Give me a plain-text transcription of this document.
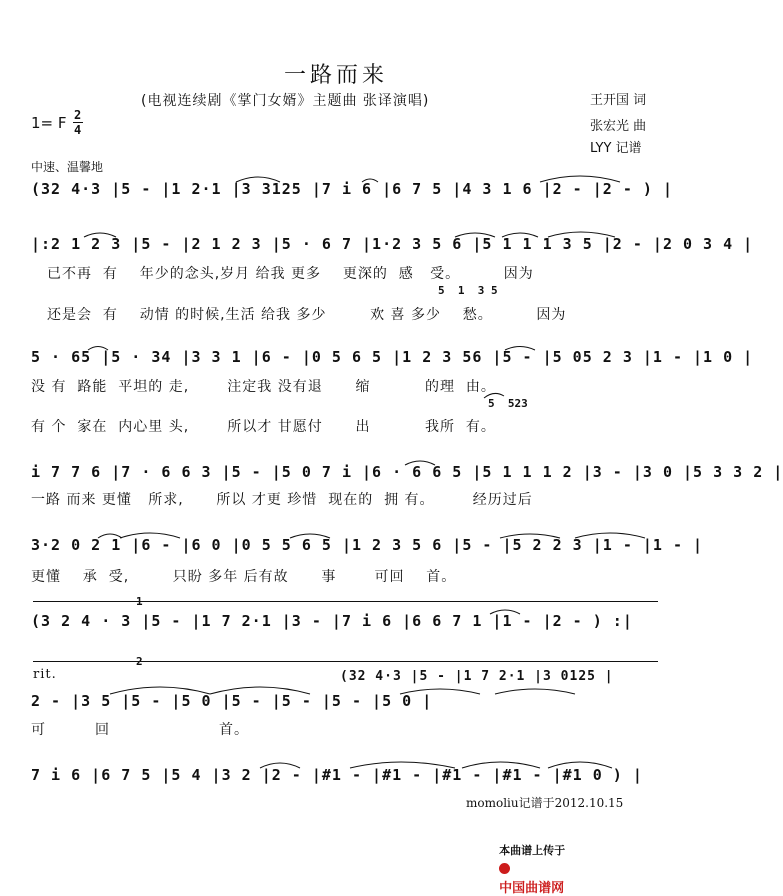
一路而来
(电视连续剧《掌门女婿》主题曲 张译演唱)	王开国 词
张宏光 曲
LYY 记谱
1= F 2
4
中速、温馨地
(32 4·3 |5 - |1 2·1 |3 3125 |7 i 6 |6 7 5 |4 3 1 6 |2 - |2 - ) |
|:2 1 2 3 |5 - |2 1 2 3 |5 · 6 7 |1·2 3 5 6 |5 1 1 1 3 5 |2 - |2 0 3 4 |
已不再  有    年少的念头,岁月 给我 更多    更深的  感   受。        因为
5  1  3 5
还是会  有    动情 的时候,生活 给我 多少        欢 喜 多少    愁。        因为
5 · 65 |5 · 34 |3 3 1 |6 - |0 5 6 5 |1 2 3 56 |5 - |5 05 2 3 |1 - |1 0 |
没 有  路能  平坦的 走,       注定我 没有退      缩          的理  由。
5  523
有 个  家在  内心里 头,       所以才 甘愿付      出          我所  有。
i 7 7 6 |7 · 6 6 3 |5 - |5 0 7 i |6 · 6 6 5 |5 1 1 1 2 |3 - |3 0 |5 3 3 2 |
一路 而来 更懂   所求,      所以 才更 珍惜  现在的  拥 有。       经历过后
3·2 0 2 1 |6 - |6 0 |0 5 5 6 5 |1 2 3 5 6 |5 - |5 2 2 3 |1 - |1 - |
更懂    承  受,        只盼 多年 后有故      事       可回    首。
1
(3 2 4 · 3 |5 - |1 7 2·1 |3 - |7 i 6 |6 6 7 1 |1 - |2 - ) :|
2
rit.	(32 4·3 |5 - |1 7 2·1 |3 0125 |
2 - |3 5 |5 - |5 0 |5 - |5 - |5 - |5 0 |
可         回                    首。
7 i 6 |6 7 5 |5 4 |3 2 |2 - |#1 - |#1 - |#1 - |#1 - |#1 0 ) |
momoliu记谱于2012.10.15

本曲谱上传于

中国曲谱网
